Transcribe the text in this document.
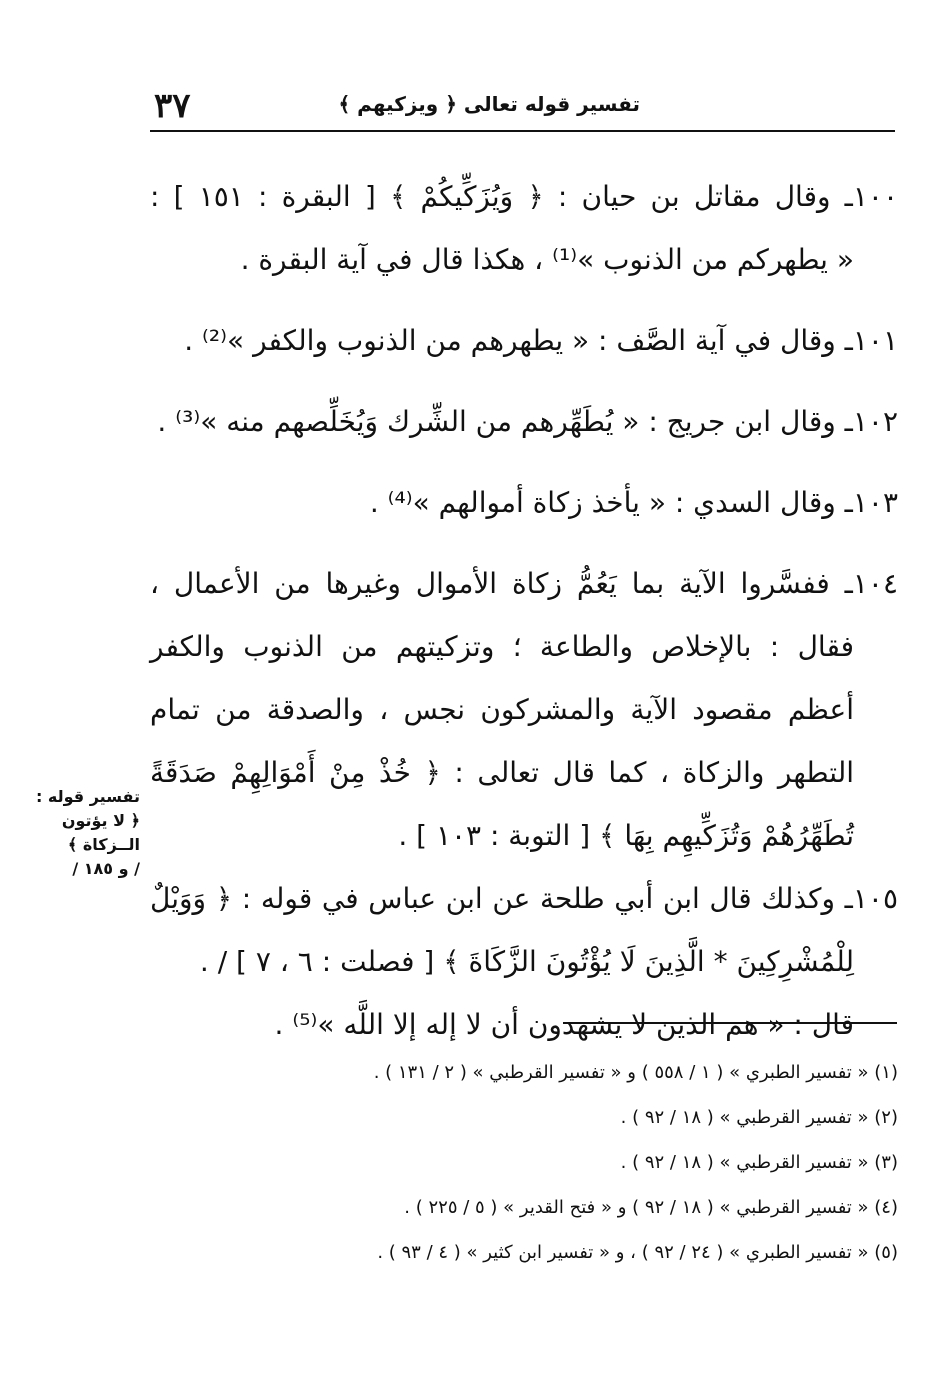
٣٧	تفسير قوله تعالى ﴿ ويزكيهم ﴾
١٠٠ـ وقال مقاتل بن حيان : ﴿ وَيُزَكِّيكُمْ ﴾ [ البقرة : ١٥١ ] :
« يطهركم من الذنوب »⁽¹⁾ ، هكذا قال في آية البقرة .
١٠١ـ وقال في آية الصَّف : « يطهرهم من الذنوب والكفر »⁽²⁾ .
١٠٢ـ وقال ابن جريج : « يُطَهِّرهم من الشِّرك وَيُخَلِّصهم منه »⁽³⁾ .
١٠٣ـ وقال السدي : « يأخذ زكاة أموالهم »⁽⁴⁾ .
١٠٤ـ ففسَّروا الآية بما يَعُمُّ زكاة الأموال وغيرها من الأعمال ،
فقال : بالإخلاص والطاعة ؛ وتزكيتهم من الذنوب والكفر
أعظم مقصود الآية والمشركون نجس ، والصدقة من تمام
التطهر والزكاة ، كما قال تعالى : ﴿ خُذْ مِنْ أَمْوَالِهِمْ صَدَقَةً
تُطَهِّرُهُمْ وَتُزَكِّيهِم بِهَا ﴾ [ التوبة : ١٠٣ ] .
١٠٥ـ وكذلك قال ابن أبي طلحة عن ابن عباس في قوله : ﴿ وَوَيْلٌ
لِلْمُشْرِكِينَ * الَّذِينَ لَا يُؤْتُونَ الزَّكَاةَ ﴾ [ فصلت : ٦ ، ٧ ] / .
قال : « هم الذين لا يشهدون أن لا إله إلا اللَّه »⁽⁵⁾ .
تفسير قوله :
﴿ لا يؤتون
الــزكاة ﴾
/ و ١٨٥ /
(١) « تفسير الطبري » ( ١ / ٥٥٨ ) و « تفسير القرطبي » ( ٢ / ١٣١ ) .
(٢) « تفسير القرطبي » ( ١٨ / ٩٢ ) .
(٣) « تفسير القرطبي » ( ١٨ / ٩٢ ) .
(٤) « تفسير القرطبي » ( ١٨ / ٩٢ ) و « فتح القدير » ( ٥ / ٢٢٥ ) .
(٥) « تفسير الطبري » ( ٢٤ / ٩٢ ) ، و « تفسير ابن كثير » ( ٤ / ٩٣ ) .
